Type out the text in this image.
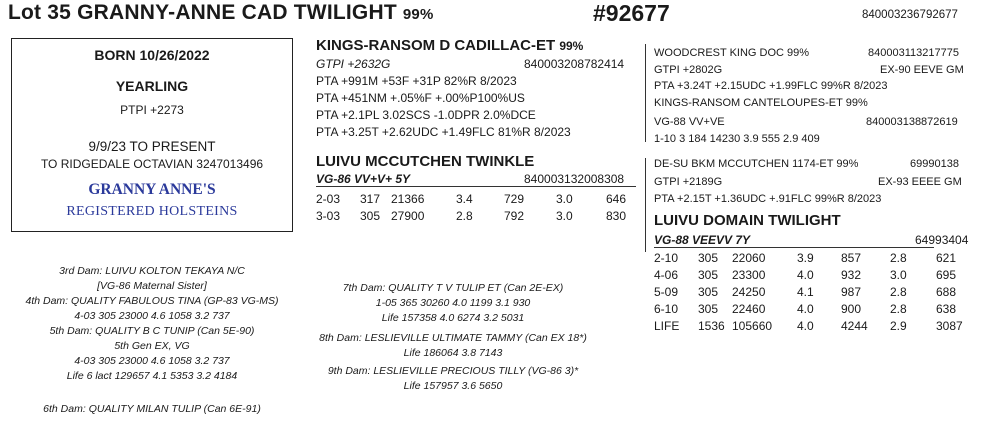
Lot 35 GRANNY-ANNE CAD TWILIGHT 99%	#92677	840003236792677
BORN 10/26/2022
YEARLING
PTPI +2273
9/9/23 TO PRESENT
TO RIDGEDALE OCTAVIAN 3247013496
GRANNY ANNE'S
REGISTERED HOLSTEINS
KINGS-RANSOM D CADILLAC-ET 99%
GTPI +2632G	840003208782414
PTA +991M +53F +31P 82%R 8/2023
PTA +451NM +.05%F +.00%P100%US
PTA +2.1PL 3.02SCS -1.0DPR 2.0%DCE
PTA +3.25T +2.62UDC +1.49FLC 81%R 8/2023
LUIVU MCCUTCHEN TWINKLE
VG-86 VV+V+ 5Y	840003132008308
2-03 317 21366	3.4	729	3.0	646
3-03 305 27900	2.8	792	3.0	830
WOODCREST KING DOC 99%	840003113217775
GTPI +2802G	EX-90 EEVE GM
PTA +3.24T +2.15UDC +1.99FLC 99%R 8/2023
KINGS-RANSOM CANTELOUPES-ET 99%
VG-88 VV+VE	840003138872619
1-10 3 184 14230 3.9 555 2.9 409
DE-SU BKM MCCUTCHEN 1174-ET 99%	69990138
GTPI +2189G	EX-93 EEEE GM
PTA +2.15T +1.36UDC +.91FLC 99%R 8/2023
LUIVU DOMAIN TWILIGHT
VG-88 VEEVV 7Y	64993404
2-10 305 22060	3.9 857 2.8 621
4-06 305 23300	4.0 932 3.0 695
5-09 305 24250	4.1 987 2.8 688
6-10 305 22460	4.0 900 2.8 638
LIFE 1536 105660 4.0 4244 2.9 3087
3rd Dam: LUIVU KOLTON TEKAYA N/C
[VG-86 Maternal Sister]
4th Dam: QUALITY FABULOUS TINA (GP-83 VG-MS)
4-03 305 23000 4.6 1058 3.2 737
5th Dam: QUALITY B C TUNIP (Can 5E-90)
5th Gen EX, VG
4-03 305 23000 4.6 1058 3.2 737
Life 6 lact 129657 4.1 5353 3.2 4184
6th Dam: QUALITY MILAN TULIP (Can 6E-91)
7th Dam: QUALITY T V TULIP ET (Can 2E-EX)
1-05 365 30260 4.0 1199 3.1 930
Life 157358 4.0 6274 3.2 5031
8th Dam: LESLIEVILLE ULTIMATE TAMMY (Can EX 18*)
Life 186064 3.8 7143
9th Dam: LESLIEVILLE PRECIOUS TILLY (VG-86 3)*
Life 157957 3.6 5650
